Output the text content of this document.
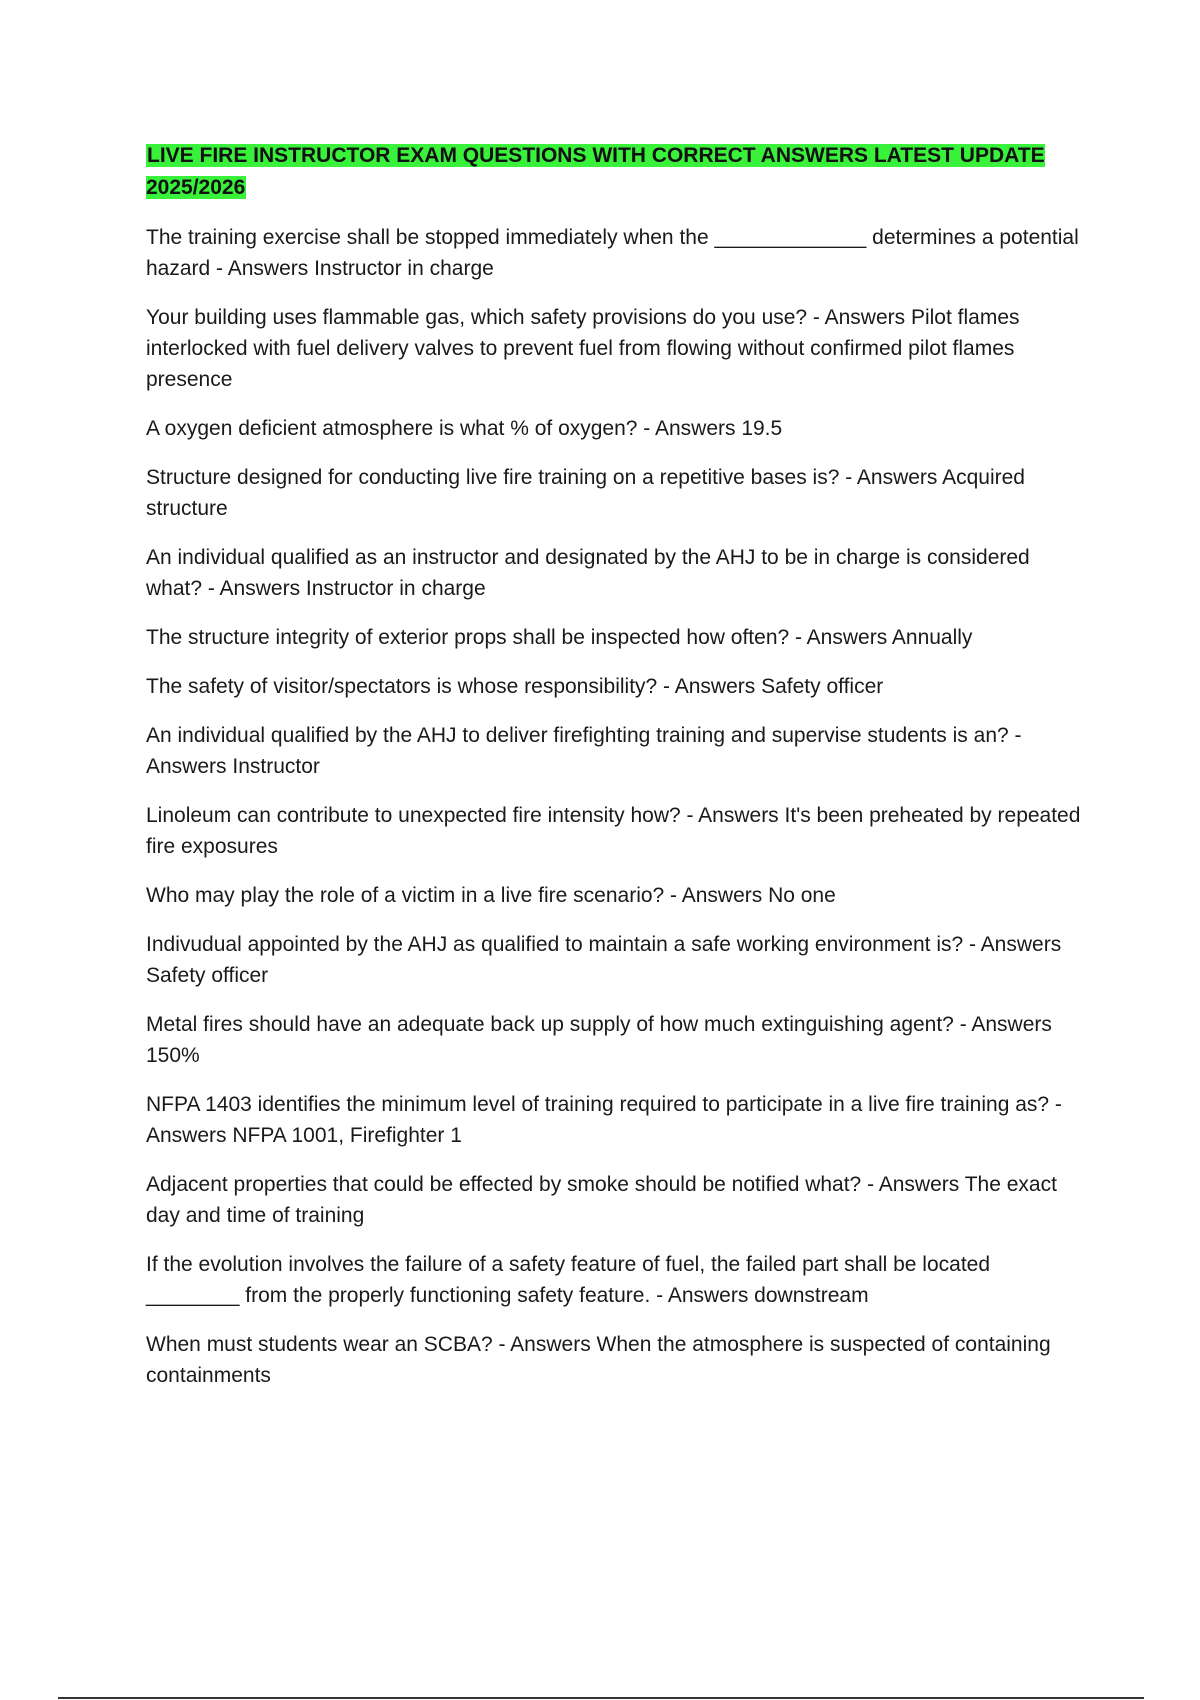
LIVE FIRE INSTRUCTOR EXAM QUESTIONS WITH CORRECT ANSWERS LATEST UPDATE 2025/2026

The training exercise shall be stopped immediately when the _____________ determines a potential hazard - Answers Instructor in charge

Your building uses flammable gas, which safety provisions do you use? - Answers Pilot flames interlocked with fuel delivery valves to prevent fuel from flowing without confirmed pilot flames presence

A oxygen deficient atmosphere is what % of oxygen? - Answers 19.5

Structure designed for conducting live fire training on a repetitive bases is? - Answers Acquired structure

An individual qualified as an instructor and designated by the AHJ to be in charge is considered what? - Answers Instructor in charge

The structure integrity of exterior props shall be inspected how often? - Answers Annually

The safety of visitor/spectators is whose responsibility? - Answers Safety officer

An individual qualified by the AHJ to deliver firefighting training and supervise students is an? - Answers Instructor

Linoleum can contribute to unexpected fire intensity how? - Answers It's been preheated by repeated fire exposures

Who may play the role of a victim in a live fire scenario? - Answers No one

Indivudual appointed by the AHJ as qualified to maintain a safe working environment is? - Answers Safety officer

Metal fires should have an adequate back up supply of how much extinguishing agent? - Answers 150%

NFPA 1403 identifies the minimum level of training required to participate in a live fire training as? - Answers NFPA 1001, Firefighter 1

Adjacent properties that could be effected by smoke should be notified what? - Answers The exact day and time of training

If the evolution involves the failure of a safety feature of fuel, the failed part shall be located ________ from the properly functioning safety feature. - Answers downstream

When must students wear an SCBA? - Answers When the atmosphere is suspected of containing containments
